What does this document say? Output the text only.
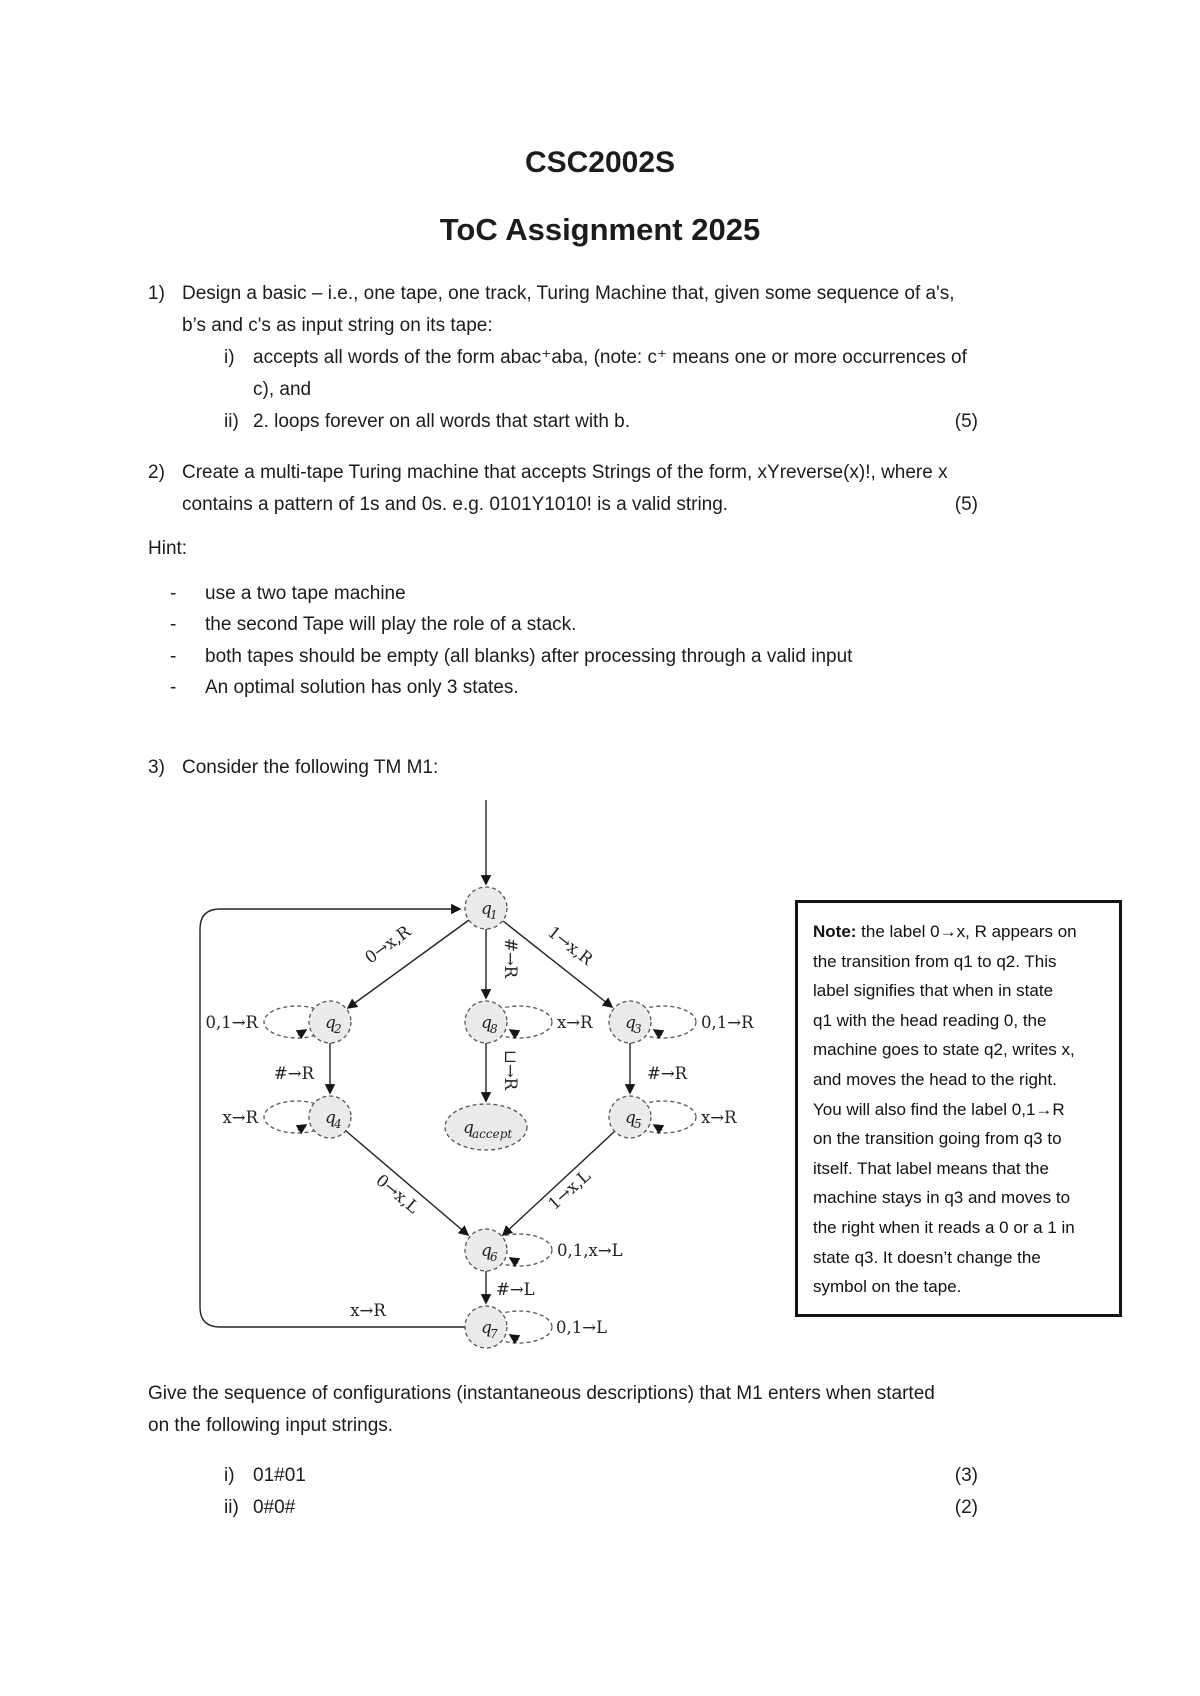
CSC2002S
ToC Assignment 2025
1) Design a basic – i.e., one tape, one track, Turing Machine that, given some sequence of a's,
b’s and c's as input string on its tape:
i) accepts all words of the form abac⁺aba, (note: c⁺ means one or more occurrences of
c), and
ii) 2. loops forever on all words that start with b.	(5)
2) Create a multi-tape Turing machine that accepts Strings of the form, xYreverse(x)!, where x
contains a pattern of 1s and 0s. e.g. 0101Y1010! is a valid string.	(5)
Hint:
-	use a two tape machine
-	the second Tape will play the role of a stack.
-	both tapes should be empty (all blanks) after processing through a valid input
-	An optimal solution has only 3 states.
3) Consider the following TM M1:
q
1
q
2	q
8	q
3
q
4	q
5
q
accept
q
6
q
7
0→x,R	1→x,R
#→R
⊔→R
0,1→R	x→R	0,1→R
#→R	#→R
x→R	x→R
0→x,L	1→x,L
0,1,x→L
#→L
0,1→L
x→R
Note: the label 0→x, R appears on
the transition from q1 to q2. This
label signifies that when in state
q1 with the head reading 0, the
machine goes to state q2, writes x,
and moves the head to the right.
You will also find the label 0,1→R
on the transition going from q3 to
itself. That label means that the
machine stays in q3 and moves to
the right when it reads a 0 or a 1 in
state q3. It doesn’t change the
symbol on the tape.
Give the sequence of configurations (instantaneous descriptions) that M1 enters when started
on the following input strings.
i) 01#01	(3)
ii) 0#0#	(2)
